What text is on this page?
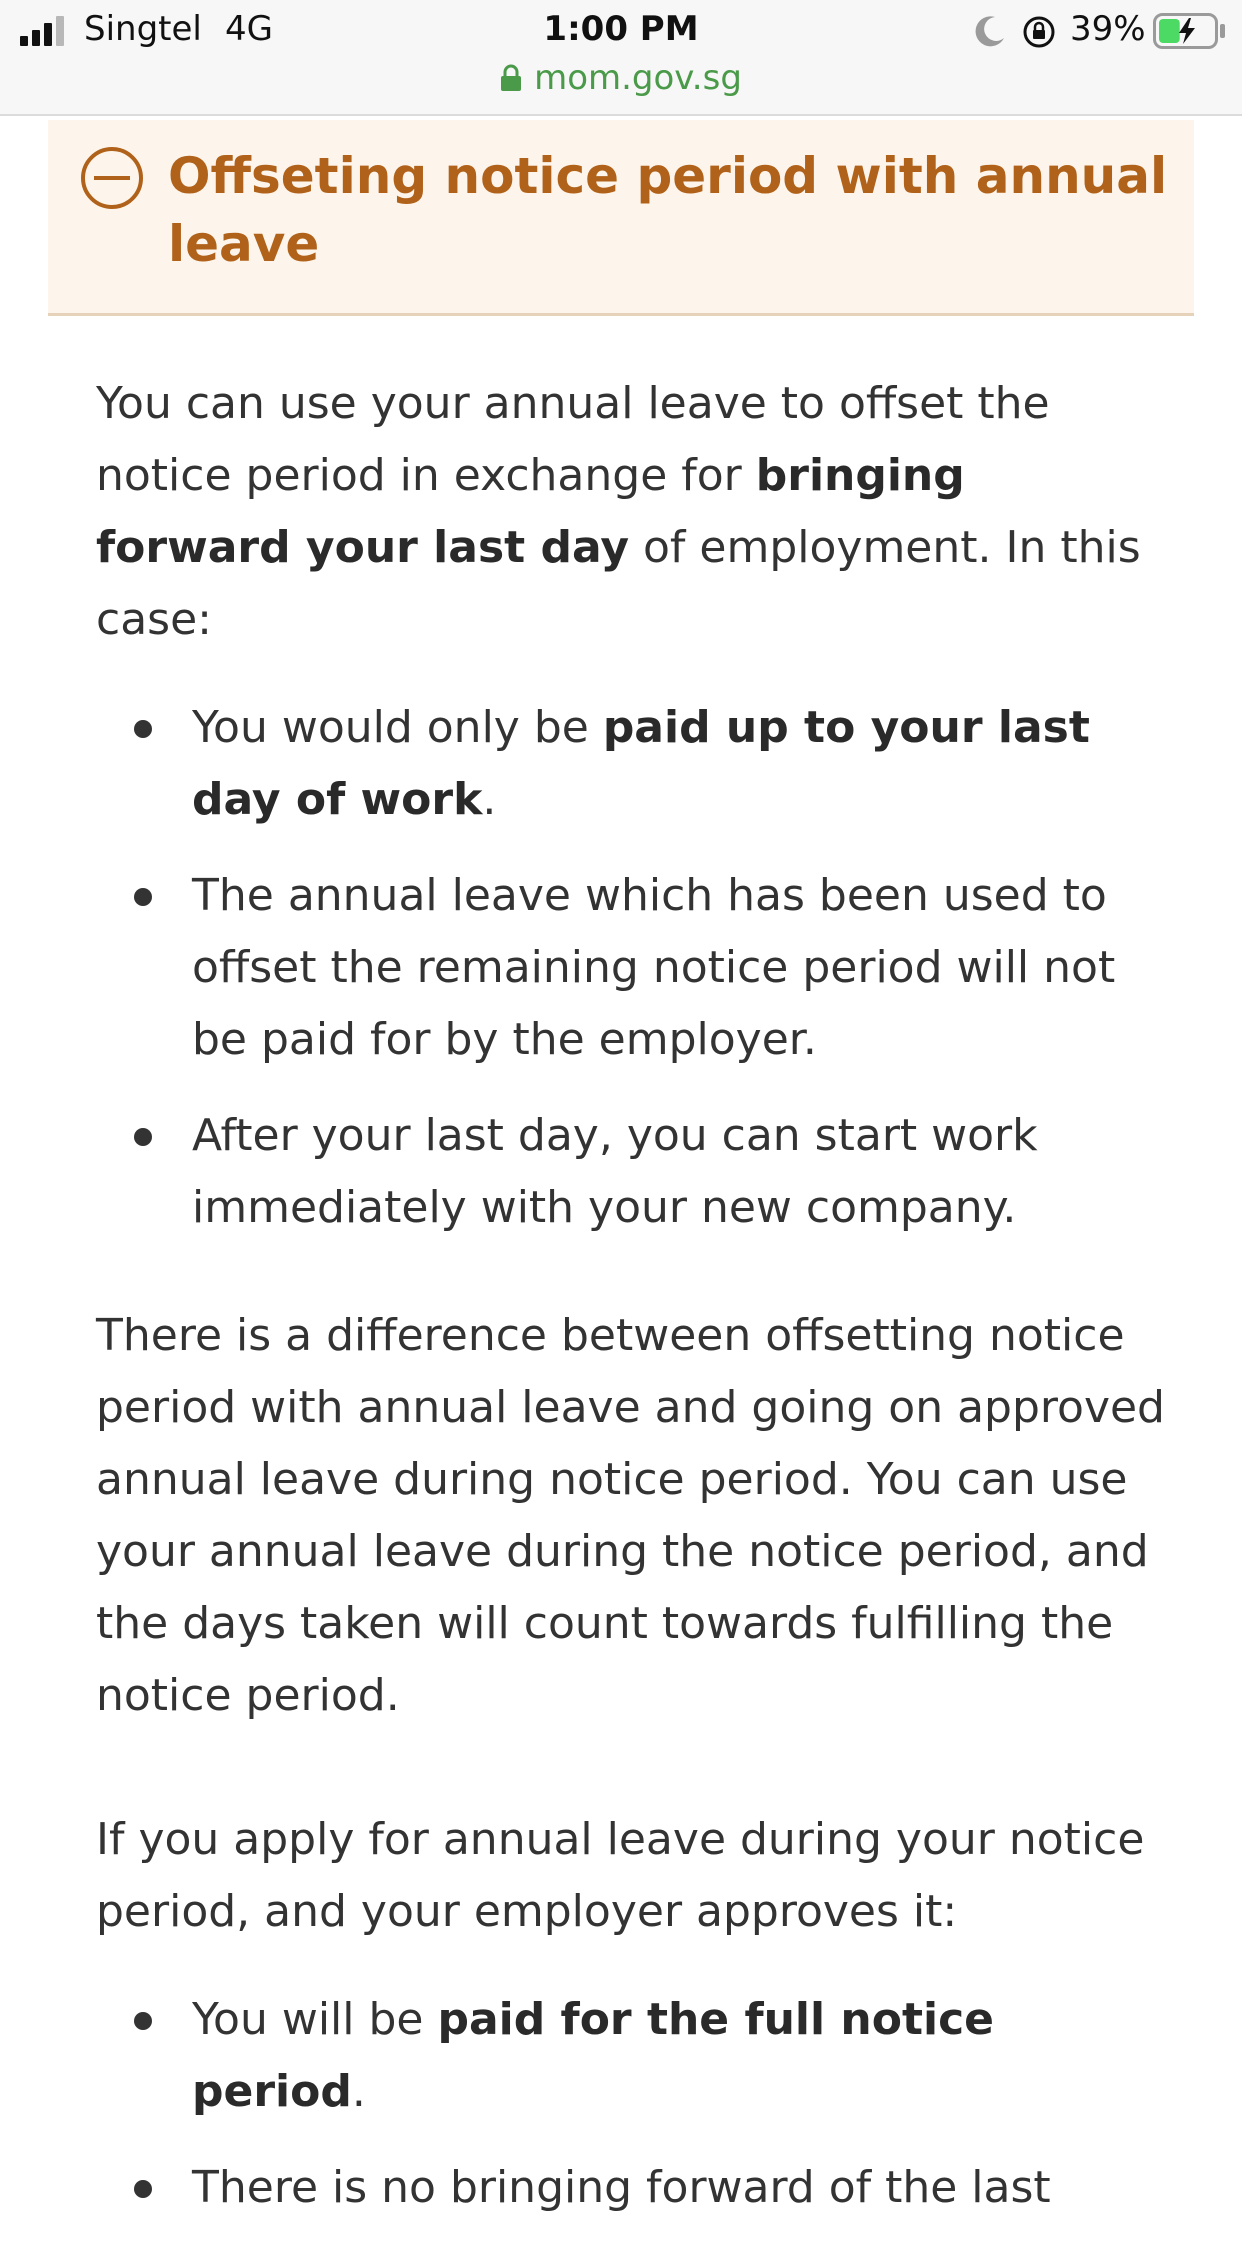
Singtel 4G	1:00 PM	39%
mom.gov.sg
Offseting notice period with annual leave

You can use your annual leave to offset the notice period in exchange for bringing forward your last day of employment. In this case:

You would only be paid up to your last day of work.
The annual leave which has been used to offset the remaining notice period will not be paid for by the employer.
After your last day, you can start work immediately with your new company.

There is a difference between offsetting notice period with annual leave and going on approved annual leave during notice period. You can use your annual leave during the notice period, and the days taken will count towards fulfilling the notice period.

If you apply for annual leave during your notice period, and your employer approves it:

You will be paid for the full notice period.
There is no bringing forward of the last
